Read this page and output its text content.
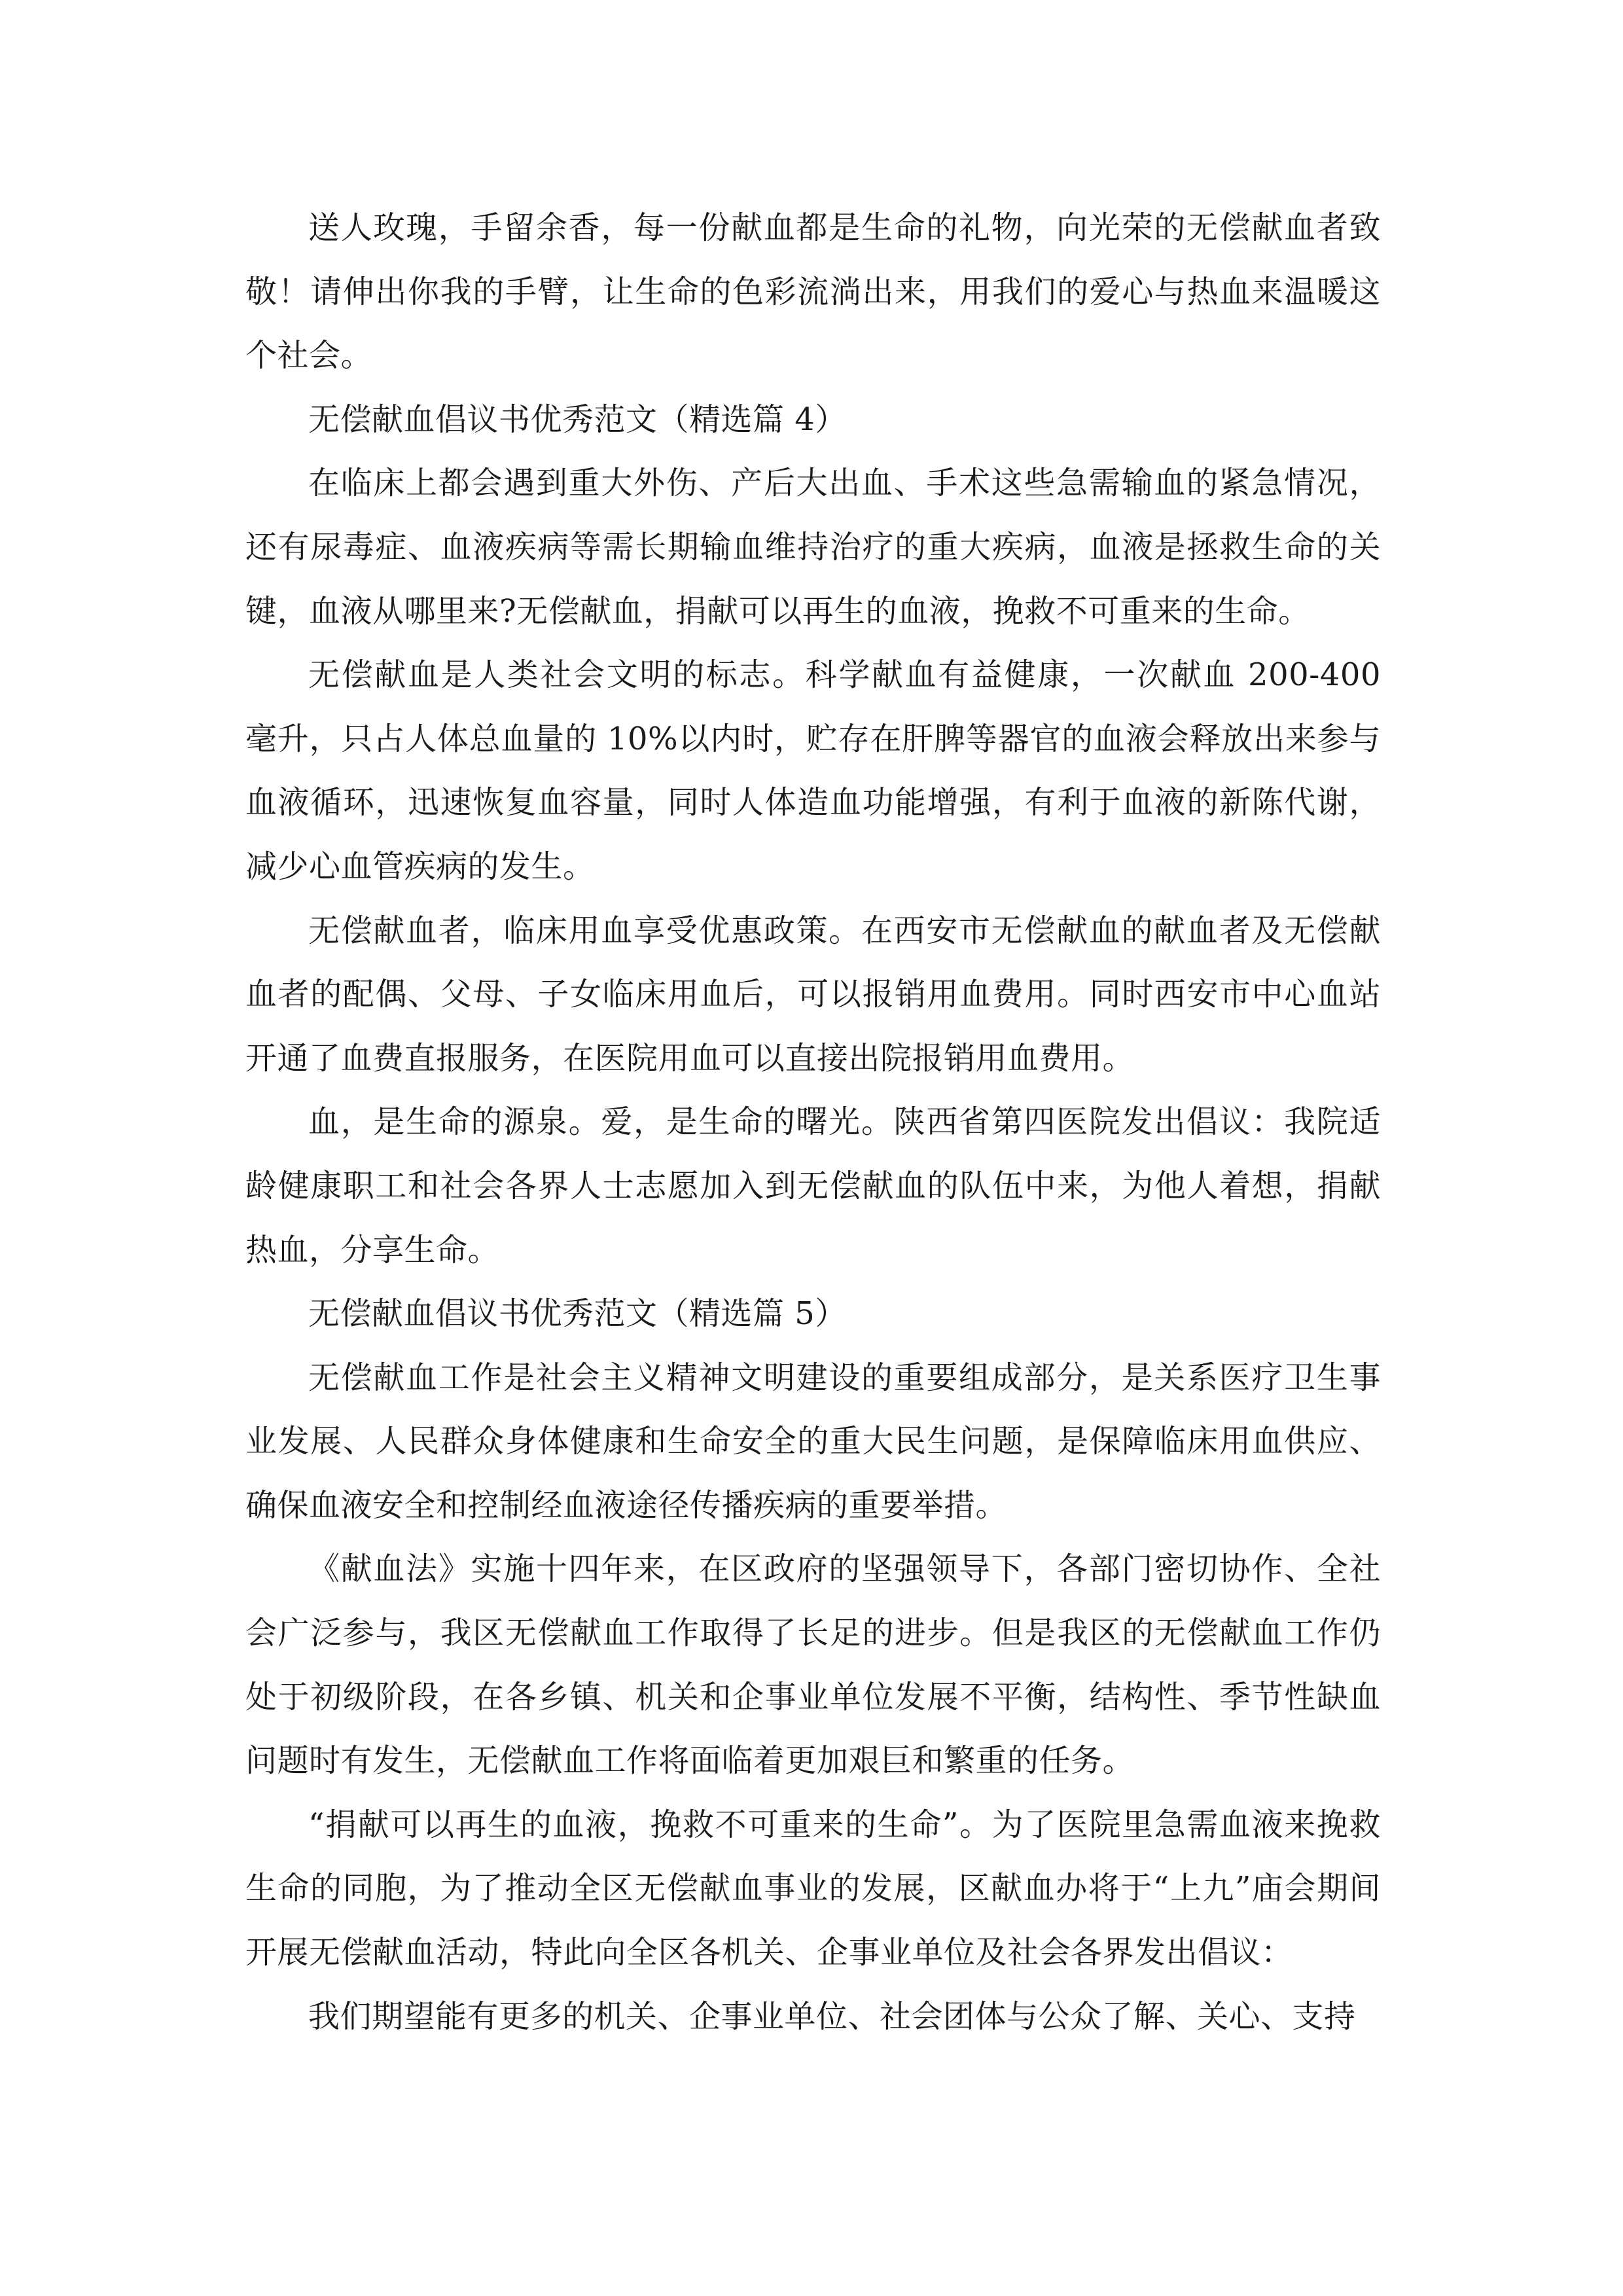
送人玫瑰，手留余香，每一份献血都是生命的礼物，向光荣的无偿献血者致敬！请伸出你我的手臂，让生命的色彩流淌出来，用我们的爱心与热血来温暖这个社会。

无偿献血倡议书优秀范文（精选篇 4）

在临床上都会遇到重大外伤、产后大出血、手术这些急需输血的紧急情况，还有尿毒症、血液疾病等需长期输血维持治疗的重大疾病，血液是拯救生命的关键，血液从哪里来?无偿献血，捐献可以再生的血液，挽救不可重来的生命。

无偿献血是人类社会文明的标志。科学献血有益健康，一次献血 200-400 毫升，只占人体总血量的 10%以内时，贮存在肝脾等器官的血液会释放出来参与血液循环，迅速恢复血容量，同时人体造血功能增强，有利于血液的新陈代谢，减少心血管疾病的发生。

无偿献血者，临床用血享受优惠政策。在西安市无偿献血的献血者及无偿献血者的配偶、父母、子女临床用血后，可以报销用血费用。同时西安市中心血站开通了血费直报服务，在医院用血可以直接出院报销用血费用。

血，是生命的源泉。爱，是生命的曙光。陕西省第四医院发出倡议：我院适龄健康职工和社会各界人士志愿加入到无偿献血的队伍中来，为他人着想，捐献热血，分享生命。

无偿献血倡议书优秀范文（精选篇 5）

无偿献血工作是社会主义精神文明建设的重要组成部分，是关系医疗卫生事业发展、人民群众身体健康和生命安全的重大民生问题，是保障临床用血供应、确保血液安全和控制经血液途径传播疾病的重要举措。

《献血法》实施十四年来，在区政府的坚强领导下，各部门密切协作、全社会广泛参与，我区无偿献血工作取得了长足的进步。但是我区的无偿献血工作仍处于初级阶段，在各乡镇、机关和企事业单位发展不平衡，结构性、季节性缺血问题时有发生，无偿献血工作将面临着更加艰巨和繁重的任务。

“捐献可以再生的血液，挽救不可重来的生命”。为了医院里急需血液来挽救生命的同胞，为了推动全区无偿献血事业的发展，区献血办将于“上九”庙会期间开展无偿献血活动，特此向全区各机关、企事业单位及社会各界发出倡议：

我们期望能有更多的机关、企事业单位、社会团体与公众了解、关心、支持
